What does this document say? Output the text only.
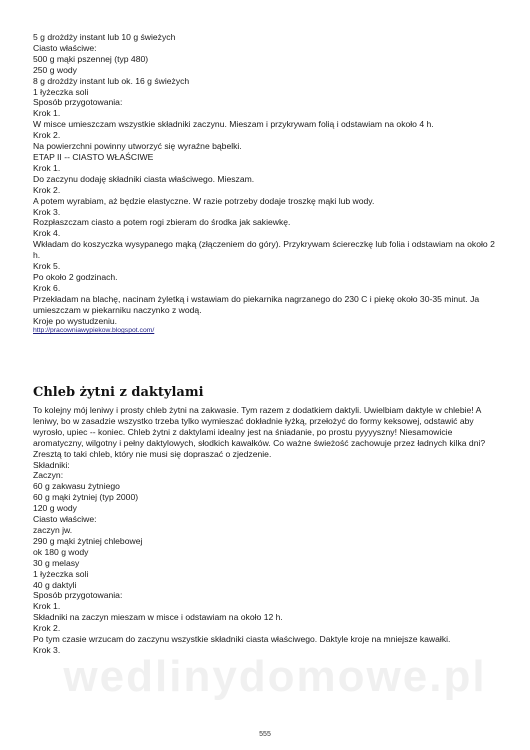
5 g drożdży instant lub 10 g świeżych
Ciasto właściwe:
500 g mąki pszennej (typ 480)
250 g wody
8 g drożdży instant lub ok. 16 g świeżych
1 łyżeczka soli
Sposób przygotowania:
Krok 1.
W misce umieszczam wszystkie składniki zaczynu. Mieszam i przykrywam folią i odstawiam na około 4 h.
Krok 2.
Na powierzchni powinny utworzyć się wyraźne bąbelki.
ETAP II -- CIASTO WŁAŚCIWE
Krok 1.
Do zaczynu dodaję składniki ciasta właściwego. Mieszam.
Krok 2.
A potem wyrabiam, aż będzie elastyczne. W razie potrzeby dodaje troszkę mąki lub wody.
Krok 3.
Rozpłaszczam ciasto a potem rogi zbieram do środka jak sakiewkę.
Krok 4.
Wkładam do koszyczka wysypanego mąką (złączeniem do góry). Przykrywam ściereczkę lub folia i odstawiam na około 2 h.
Krok 5.
Po około 2 godzinach.
Krok 6.
Przekładam na blachę, nacinam żyletką i wstawiam do piekarnika nagrzanego do 230 C i piekę około 30-35 minut. Ja umieszczam w piekarniku naczynko z wodą.
Kroje po wystudzeniu.
http://pracowniawypiekow.blogspot.com/
Chleb żytni z daktylami
To kolejny mój leniwy i prosty chleb żytni na zakwasie. Tym razem z dodatkiem daktyli. Uwielbiam daktyle w chlebie! A leniwy, bo w zasadzie wszystko trzeba tylko wymieszać dokładnie łyżką, przełożyć do formy keksowej, odstawić aby wyrosło, upiec -- koniec. Chleb żytni z daktylami idealny jest na śniadanie, po prostu pyyyyszny! Niesamowicie aromatyczny, wilgotny i pełny daktylowych, słodkich kawałków. Co ważne świeżość zachowuje przez ładnych kilka dni? Zresztą to taki chleb, który nie musi się dopraszać o zjedzenie.
Składniki:
Zaczyn:
60 g zakwasu żytniego
60 g mąki żytniej (typ 2000)
120 g wody
Ciasto właściwe:
zaczyn jw.
290 g mąki żytniej chlebowej
ok 180 g wody
30 g melasy
1 łyżeczka soli
40 g daktyli
Sposób przygotowania:
Krok 1.
Składniki na zaczyn mieszam w misce i odstawiam na około 12 h.
Krok 2.
Po tym czasie wrzucam do zaczynu wszystkie składniki ciasta właściwego. Daktyle kroje na mniejsze kawałki.
Krok 3.
wedlinydomowe.pl
555
